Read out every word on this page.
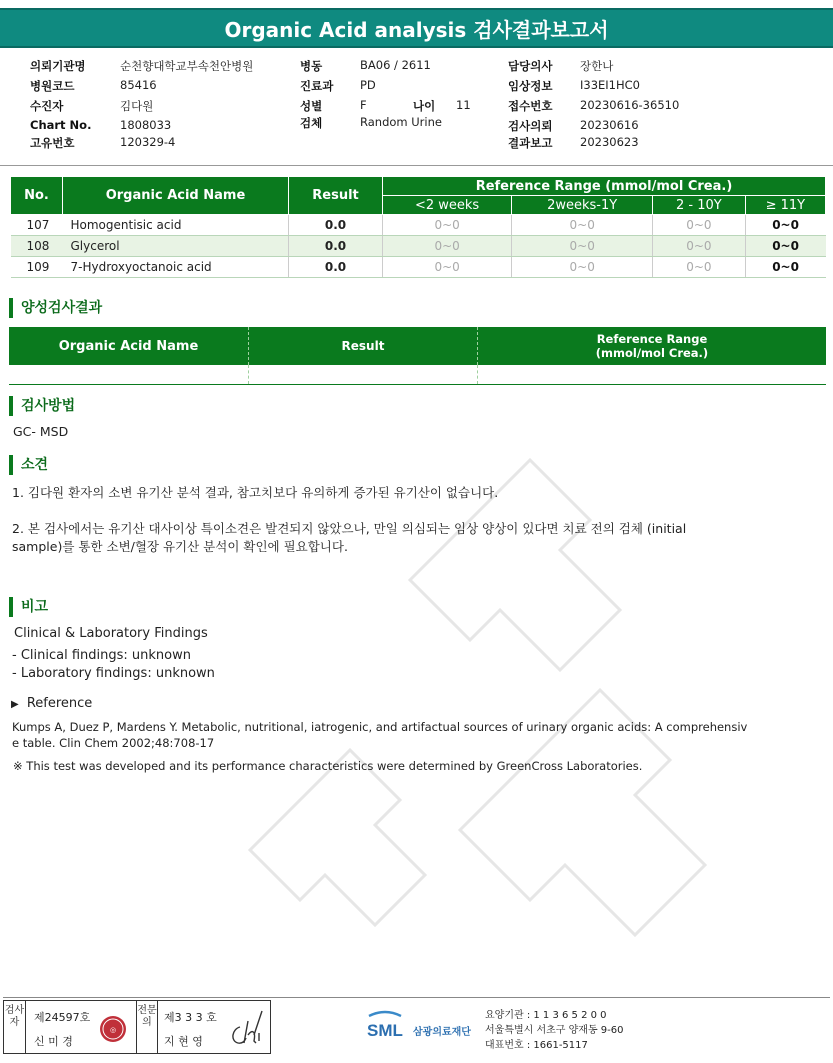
Organic Acid analysis 검사결과보고서
의뢰기관명	순천향대학교부속천안병원
병원코드	85416
수진자	김다원
Chart No. 1808033
고유번호	120329-4
병동	BA06 / 2611
진료과 PD
성별	F	나이 11
검체	Random Urine
담당의사 장한나
임상정보 I33EI1HC0
접수번호 20230616-36510
검사의뢰 20230616
결과보고 20230623
No.	Organic Acid Name	Result	Reference Range (mmol/mol Crea.)			
			<2 weeks	2weeks-1Y	2 - 10Y	≥ 11Y
107	Homogentisic acid	0.0	0~0	0~0	0~0	0~0
108	Glycerol	0.0	0~0	0~0	0~0	0~0
109	7-Hydroxyoctanoic acid	0.0	0~0	0~0	0~0	0~0
양성검사결과
Organic Acid Name	Result	Reference Range
(mmol/mol Crea.)
검사방법
GC- MSD
소견
1. 김다원 환자의 소변 유기산 분석 결과, 참고치보다 유의하게 증가된 유기산이 없습니다.
2. 본 검사에서는 유기산 대사이상 특이소견은 발견되지 않았으나, 만일 의심되는 임상 양상이 있다면 치료 전의 검체 (initial
sample)를 통한 소변/혈장 유기산 분석이 확인에 필요합니다.
비고
Clinical & Laboratory Findings
- Clinical findings: unknown
- Laboratory findings: unknown
▶ Reference
Kumps A, Duez P, Mardens Y. Metabolic, nutritional, iatrogenic, and artifactual sources of urinary organic acids: A comprehensiv
e table. Clin Chem 2002;48:708-17
※ This test was developed and its performance characteristics were determined by GreenCross Laboratories.
검사자	제24597호
신 미 경
◎
전문의	제3 3 3 호
지 현 영
SML 삼광의료재단
요양기관 : 1 1 3 6 5 2 0 0
서울특별시 서초구 양재동 9-60
대표번호 : 1661-5117
